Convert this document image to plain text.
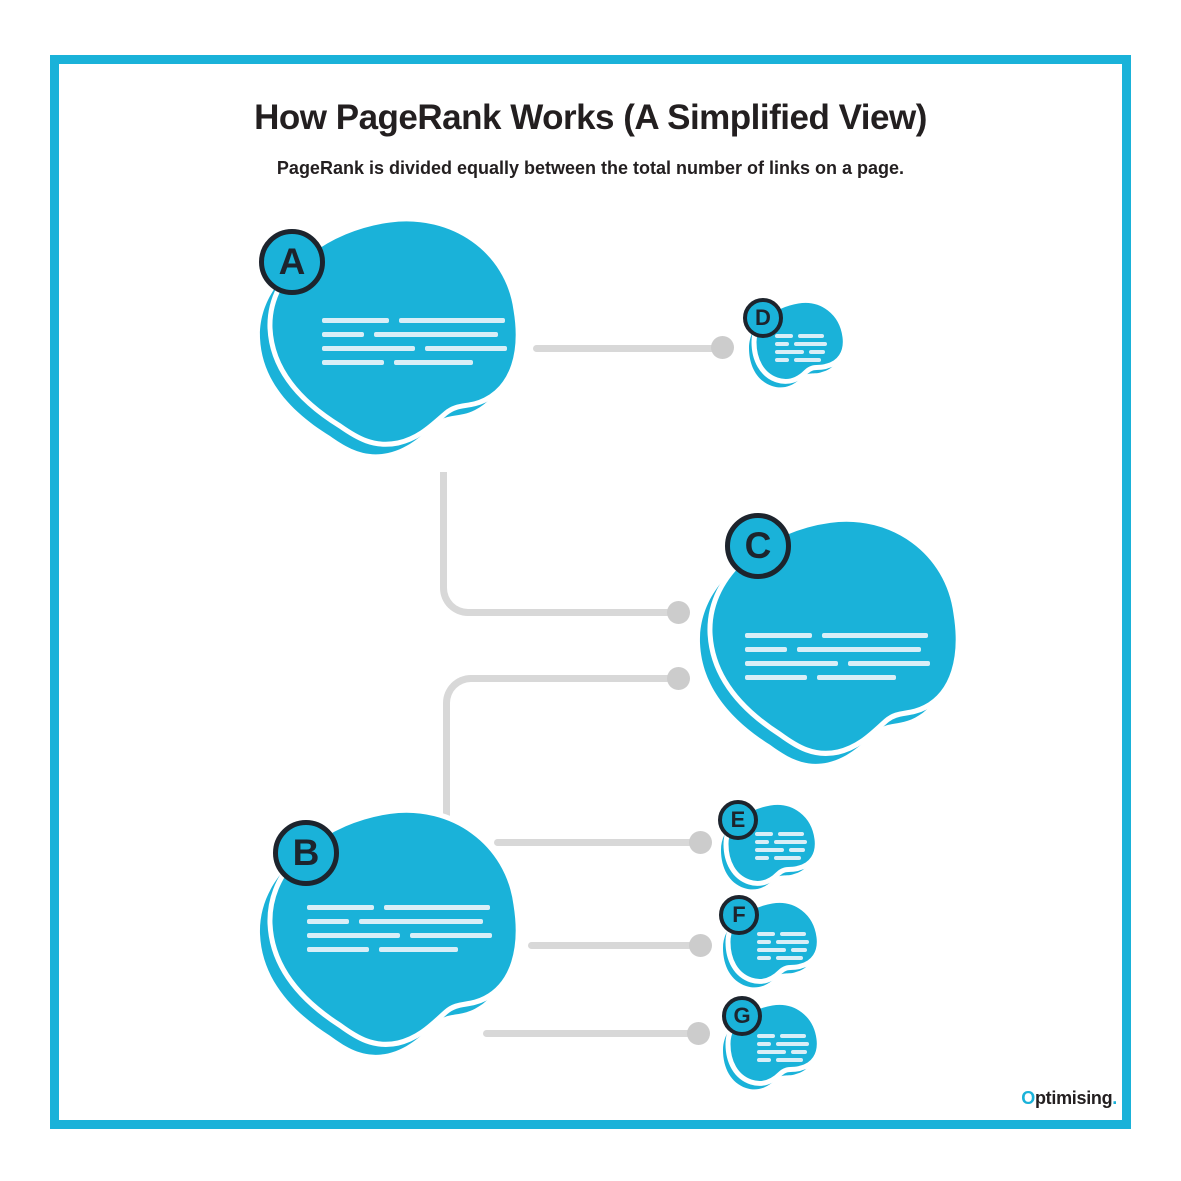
How PageRank Works (A Simplified View)

PageRank is divided equally between the total number of links on a page.

A
B
C
D
E
F
G
Optimising.
